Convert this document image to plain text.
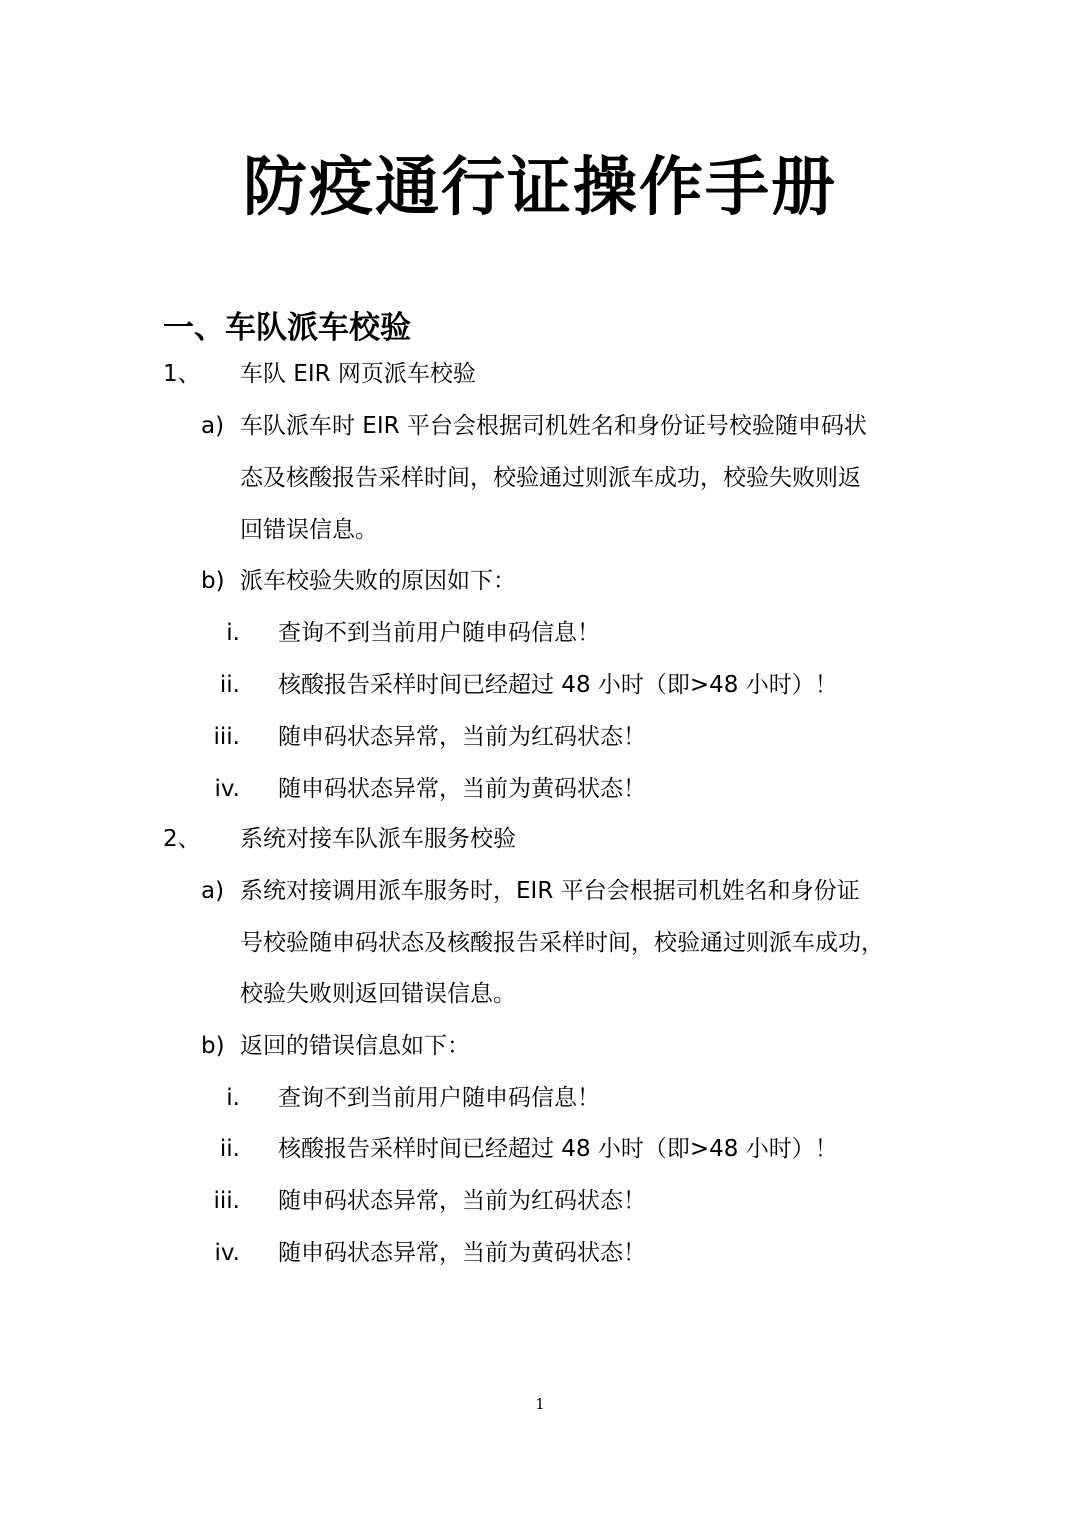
防疫通行证操作手册
一、车队派车校验
1、 车队 EIR 网页派车校验
a) 车队派车时 EIR 平台会根据司机姓名和身份证号校验随申码状
态及核酸报告采样时间，校验通过则派车成功，校验失败则返
回错误信息。
b) 派车校验失败的原因如下：
i. 查询不到当前用户随申码信息！
ii. 核酸报告采样时间已经超过 48 小时（即>48 小时）！
iii. 随申码状态异常，当前为红码状态！
iv. 随申码状态异常，当前为黄码状态！
2、 系统对接车队派车服务校验
a) 系统对接调用派车服务时，EIR 平台会根据司机姓名和身份证
号校验随申码状态及核酸报告采样时间，校验通过则派车成功，
校验失败则返回错误信息。
b) 返回的错误信息如下：
i. 查询不到当前用户随申码信息！
ii. 核酸报告采样时间已经超过 48 小时（即>48 小时）！
iii. 随申码状态异常，当前为红码状态！
iv. 随申码状态异常，当前为黄码状态！
1
